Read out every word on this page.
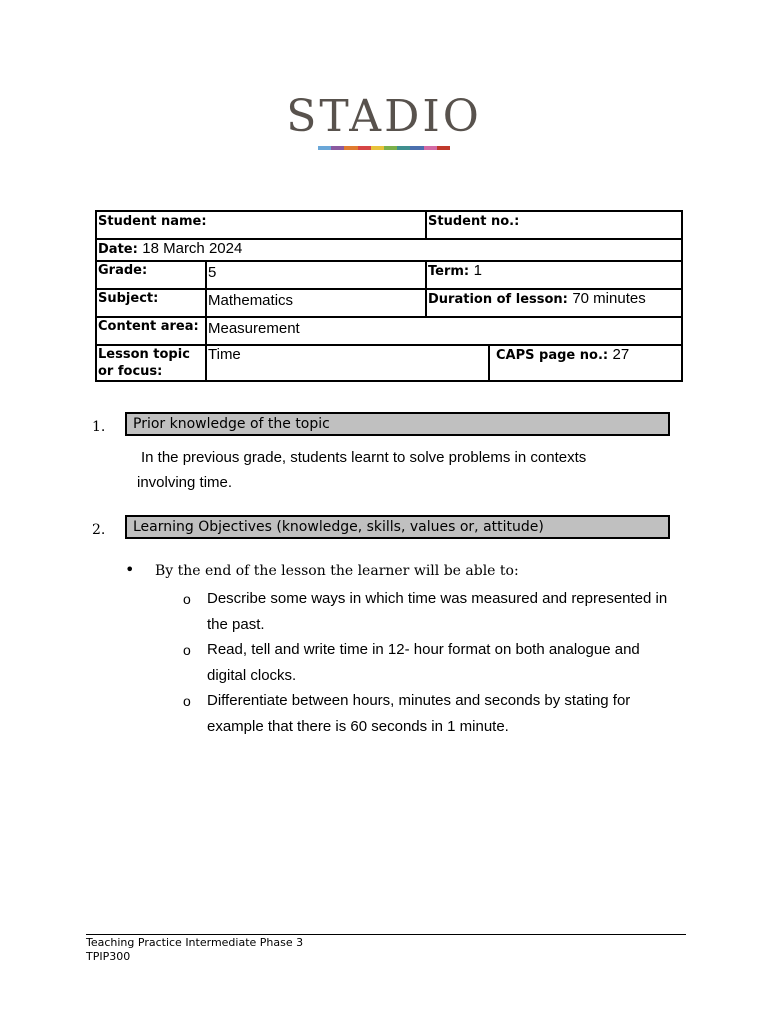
STADIO
Student name:		Student no.:	
Date: 18 March 2024			
Grade:	5	Term: 1	
Subject:	Mathematics	Duration of lesson: 70 minutes	
Content area:	Measurement		
Lesson topic or focus:	Time		CAPS page no.: 27
1.	Prior knowledge of the topic
In the previous grade, students learnt to solve problems in contexts involving time.
2.	Learning Objectives (knowledge, skills, values or, attitude)
• By the end of the lesson the learner will be able to:
o Describe some ways in which time was measured and represented in the past.
o Read, tell and write time in 12- hour format on both analogue and digital clocks.
o Differentiate between hours, minutes and seconds by stating for example that there is 60 seconds in 1 minute.
Teaching Practice Intermediate Phase 3
TPIP300
